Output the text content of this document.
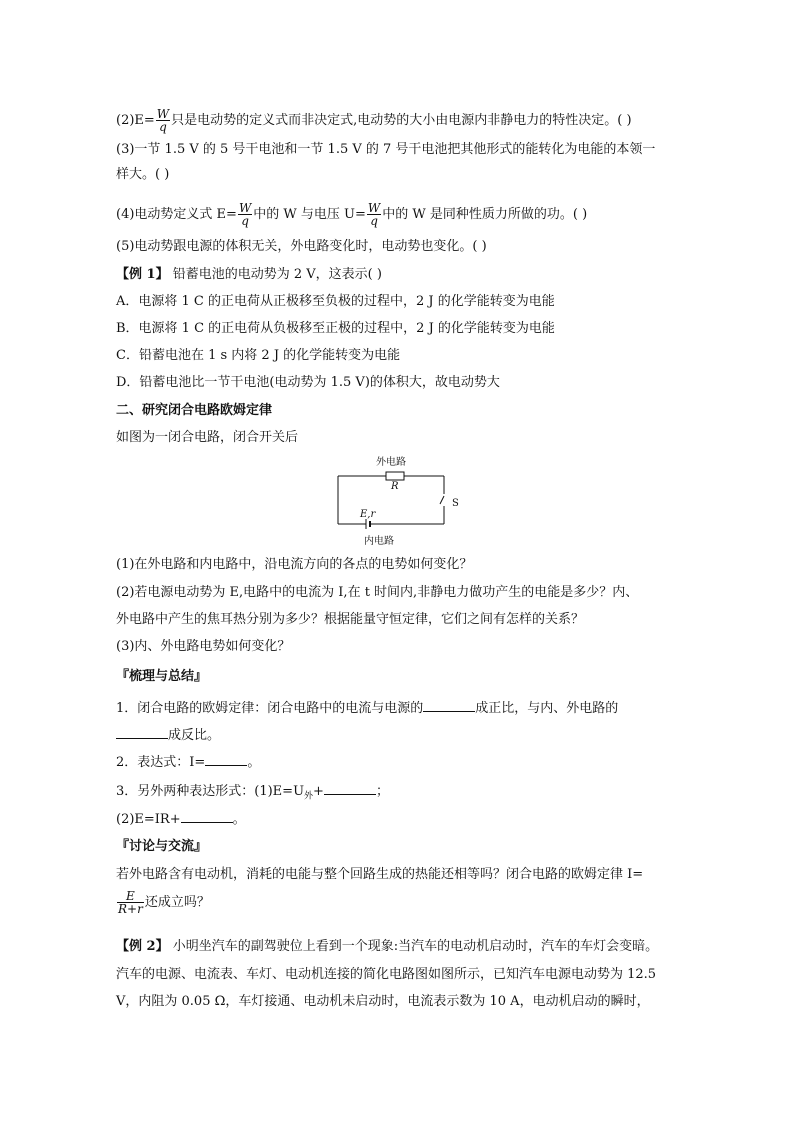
$(2)E= \frac{W}{q}$ 只是电动势的定义式而非决定式,电动势的大小由电源内非静电力的特性决定。( )
(3)一节 1.5 V 的 5 号干电池和一节 1.5 V 的 7 号干电池把其他形式的能转化为电能的本领一
样大。( )
(4)电动势定义式 $E= \frac{W}{q}$ 中的 W 与电压 $U= \frac{W}{q}$ 中的 W 是同种性质力所做的功。( )
(5)电动势跟电源的体积无关，外电路变化时，电动势也变化。( )
【例 1】 铅蓄电池的电动势为 2 V，这表示( )
A．电源将 1 C 的正电荷从正极移至负极的过程中，2 J 的化学能转变为电能
B．电源将 1 C 的正电荷从负极移至正极的过程中，2 J 的化学能转变为电能
C．铅蓄电池在 1 s 内将 2 J 的化学能转变为电能
D．铅蓄电池比一节干电池(电动势为 1.5 V)的体积大，故电动势大
二、研究闭合电路欧姆定律
如图为一闭合电路，闭合开关后
外电路
R
S
E,r
内电路
(1)在外电路和内电路中，沿电流方向的各点的电势如何变化？
(2)若电源电动势为 E,电路中的电流为 I,在 t 时间内,非静电力做功产生的电能是多少？内、
外电路中产生的焦耳热分别为多少？根据能量守恒定律，它们之间有怎样的关系？
(3)内、外电路电势如何变化？
『梳理与总结』
1．闭合电路的欧姆定律：闭合电路中的电流与电源的	成正比，与内、外电路的
成反比。
2．表达式：I=	。
3．另外两种表达形式：$(1)E=U_外+$	；
(2)E=IR+	。
『讨论与交流』
若外电路含有电动机，消耗的电能与整个回路生成的热能还相等吗？闭合电路的欧姆定律 I=
$\frac{E}{R+r}$ 还成立吗？
【例 2】 小明坐汽车的副驾驶位上看到一个现象:当汽车的电动机启动时，汽车的车灯会变暗。
汽车的电源、电流表、车灯、电动机连接的简化电路图如图所示，已知汽车电源电动势为 12.5
V，内阻为 0.05 Ω，车灯接通、电动机未启动时，电流表示数为 10 A，电动机启动的瞬时，
